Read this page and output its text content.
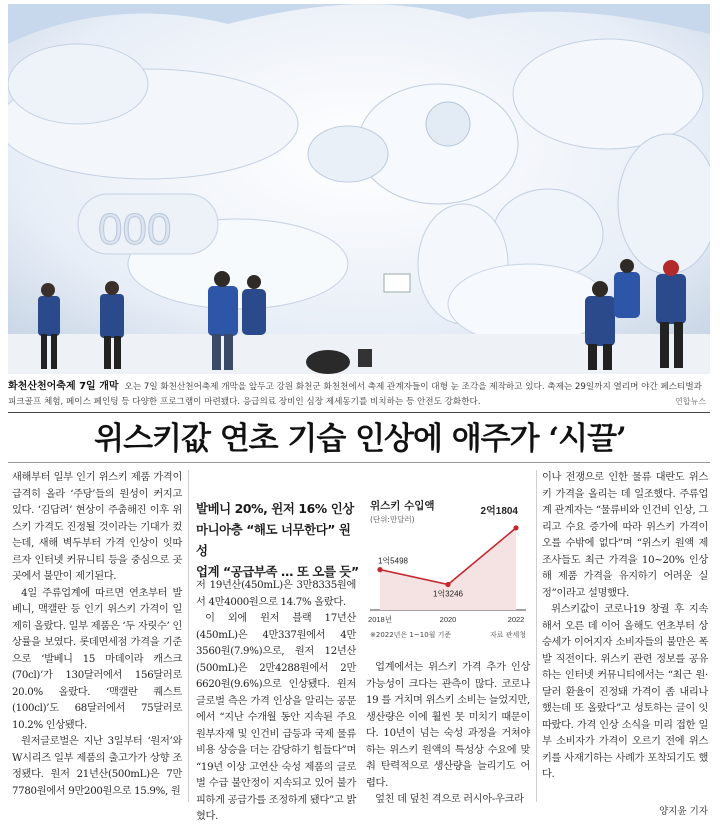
000
화천산천어축제 7일 개막 오는 7일 화천산천어축제 개막을 앞두고 강원 화천군 화천천에서 축제 관계자들이 대형 눈 조각을 제작하고 있다. 축제는 29일까지 열리며 야간 페스티벌과 피크골프 체험, 페이스 페인팅 등 다양한 프로그램이 마련됐다. 응급의료 장비인 심장 제세동기를 비치하는 등 안전도 강화한다.	연합뉴스
위스키값 연초 기습 인상에 애주가 ‘시끌’

새해부터 일부 인기 위스키 제품 가격이 급격히 올라 ‘주당’들의 원성이 커지고 있다. ‘김답려’ 현상이 주춤해진 이후 위스키 가격도 진정될 것이라는 기대가 컸는데, 새해 벽두부터 가격 인상이 잇따르자 인터넷 커뮤니티 등을 중심으로 곳곳에서 불만이 제기된다.

4일 주류업계에 따르면 연초부터 발베니, 맥캘란 등 인기 위스키 가격이 일제히 올랐다. 일부 제품은 ‘두 자릿수’ 인상률을 보였다. 롯데면세점 가격을 기준으로 ‘발베니 15 마데이라 캐스크(70cl)’가 130달러에서 156달러로 20.0% 올랐다. ‘맥캘란 퀘스트(100cl)’도 68달러에서 75달러로 10.2% 인상됐다.

원저글로벌은 지난 3일부터 ‘원저’와 W시리즈 일부 제품의 출고가가 상향 조정됐다. 원저 21년산(500mL)은 7만7780원에서 9만200원으로 15.9%, 원

발베니 20%, 윈저 16% 인상
마니아층 “해도 너무한다” 원성
업계 “공급부족 … 또 오를 듯”

저 19년산(450mL)은 3만8335원에서 4만4000원으로 14.7% 올랐다.

이 외에 윈저 블랙 17년산(450mL)은 4만337원에서 4만3560원(7.9%)으로, 원저 12년산(500mL)은 2만4288원에서 2만6620원(9.6%)으로 인상됐다. 윈저글로벌 측은 가격 인상을 알리는 공문에서 “지난 수개월 동안 지속된 주요 원부자재 및 인건비 급등과 국제 물류비용 상승을 더는 감당하기 힘들다”며 “19년 이상 고연산 숙성 제품의 글로벌 수급 불안정이 지속되고 있어 불가피하게 공급가를 조정하게 됐다”고 밝혔다.

1억5498
1억3246
2억1804
2018년	2020	2022
위스키 수입액
(단위:만달러)
※2022년은 1~10월 기준	자료 관세청

업계에서는 위스키 가격 추가 인상 가능성이 크다는 관측이 많다. 코로나19 를 거치며 위스키 소비는 늘었지만, 생산량은 이에 훨씬 못 미치기 때문이다. 10년이 넘는 숙성 과정을 거쳐야 하는 위스키 원액의 특성상 수요에 맞춰 탄력적으로 생산량을 늘리기도 어렵다.

엎친 데 덮친 격으로 러시아-우크라

이나 전쟁으로 인한 물류 대란도 위스키 가격을 올리는 데 일조했다. 주류업계 관계자는 “물류비와 인건비 인상, 그리고 수요 증가에 따라 위스키 가격이 오를 수밖에 없다”며 “위스키 원액 제조사들도 최근 가격을 10~20% 인상해 제품 가격을 유지하기 어려운 실정”이라고 설명했다.

위스키값이 코로나19 창궐 후 지속해서 오른 데 이어 올해도 연초부터 상승세가 이어지자 소비자들의 불만은 폭발 직전이다. 위스키 관련 정보를 공유하는 인터넷 커뮤니티에서는 “최근 원·달러 환율이 진정돼 가격이 좀 내리나 했는데 또 올랐다”고 성토하는 글이 잇따랐다. 가격 인상 소식을 미리 접한 일부 소비자가 가격이 오르기 전에 위스키를 사재기하는 사례가 포착되기도 했다.

양지윤 기자
